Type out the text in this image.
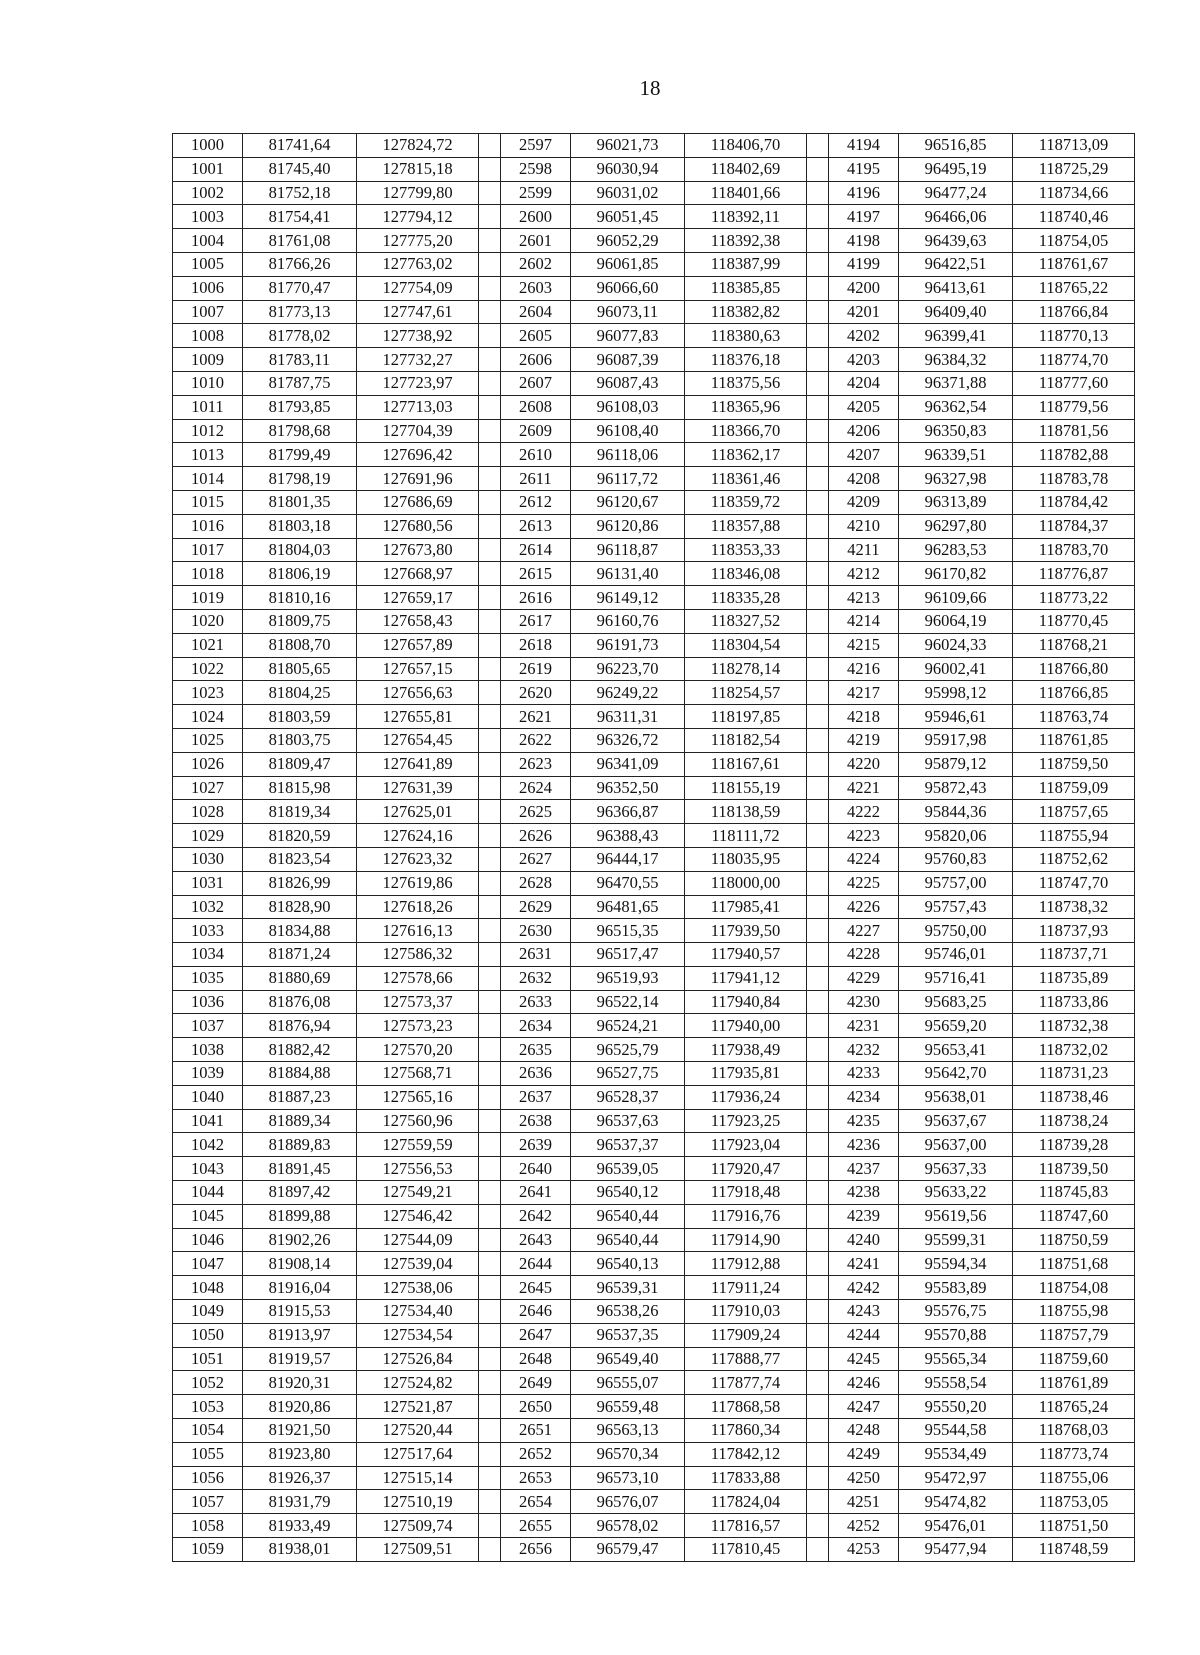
18
1000	81741,64	127824,72		2597	96021,73	118406,70		4194	96516,85	118713,09
1001	81745,40	127815,18		2598	96030,94	118402,69		4195	96495,19	118725,29
1002	81752,18	127799,80		2599	96031,02	118401,66		4196	96477,24	118734,66
1003	81754,41	127794,12		2600	96051,45	118392,11		4197	96466,06	118740,46
1004	81761,08	127775,20		2601	96052,29	118392,38		4198	96439,63	118754,05
1005	81766,26	127763,02		2602	96061,85	118387,99		4199	96422,51	118761,67
1006	81770,47	127754,09		2603	96066,60	118385,85		4200	96413,61	118765,22
1007	81773,13	127747,61		2604	96073,11	118382,82		4201	96409,40	118766,84
1008	81778,02	127738,92		2605	96077,83	118380,63		4202	96399,41	118770,13
1009	81783,11	127732,27		2606	96087,39	118376,18		4203	96384,32	118774,70
1010	81787,75	127723,97		2607	96087,43	118375,56		4204	96371,88	118777,60
1011	81793,85	127713,03		2608	96108,03	118365,96		4205	96362,54	118779,56
1012	81798,68	127704,39		2609	96108,40	118366,70		4206	96350,83	118781,56
1013	81799,49	127696,42		2610	96118,06	118362,17		4207	96339,51	118782,88
1014	81798,19	127691,96		2611	96117,72	118361,46		4208	96327,98	118783,78
1015	81801,35	127686,69		2612	96120,67	118359,72		4209	96313,89	118784,42
1016	81803,18	127680,56		2613	96120,86	118357,88		4210	96297,80	118784,37
1017	81804,03	127673,80		2614	96118,87	118353,33		4211	96283,53	118783,70
1018	81806,19	127668,97		2615	96131,40	118346,08		4212	96170,82	118776,87
1019	81810,16	127659,17		2616	96149,12	118335,28		4213	96109,66	118773,22
1020	81809,75	127658,43		2617	96160,76	118327,52		4214	96064,19	118770,45
1021	81808,70	127657,89		2618	96191,73	118304,54		4215	96024,33	118768,21
1022	81805,65	127657,15		2619	96223,70	118278,14		4216	96002,41	118766,80
1023	81804,25	127656,63		2620	96249,22	118254,57		4217	95998,12	118766,85
1024	81803,59	127655,81		2621	96311,31	118197,85		4218	95946,61	118763,74
1025	81803,75	127654,45		2622	96326,72	118182,54		4219	95917,98	118761,85
1026	81809,47	127641,89		2623	96341,09	118167,61		4220	95879,12	118759,50
1027	81815,98	127631,39		2624	96352,50	118155,19		4221	95872,43	118759,09
1028	81819,34	127625,01		2625	96366,87	118138,59		4222	95844,36	118757,65
1029	81820,59	127624,16		2626	96388,43	118111,72		4223	95820,06	118755,94
1030	81823,54	127623,32		2627	96444,17	118035,95		4224	95760,83	118752,62
1031	81826,99	127619,86		2628	96470,55	118000,00		4225	95757,00	118747,70
1032	81828,90	127618,26		2629	96481,65	117985,41		4226	95757,43	118738,32
1033	81834,88	127616,13		2630	96515,35	117939,50		4227	95750,00	118737,93
1034	81871,24	127586,32		2631	96517,47	117940,57		4228	95746,01	118737,71
1035	81880,69	127578,66		2632	96519,93	117941,12		4229	95716,41	118735,89
1036	81876,08	127573,37		2633	96522,14	117940,84		4230	95683,25	118733,86
1037	81876,94	127573,23		2634	96524,21	117940,00		4231	95659,20	118732,38
1038	81882,42	127570,20		2635	96525,79	117938,49		4232	95653,41	118732,02
1039	81884,88	127568,71		2636	96527,75	117935,81		4233	95642,70	118731,23
1040	81887,23	127565,16		2637	96528,37	117936,24		4234	95638,01	118738,46
1041	81889,34	127560,96		2638	96537,63	117923,25		4235	95637,67	118738,24
1042	81889,83	127559,59		2639	96537,37	117923,04		4236	95637,00	118739,28
1043	81891,45	127556,53		2640	96539,05	117920,47		4237	95637,33	118739,50
1044	81897,42	127549,21		2641	96540,12	117918,48		4238	95633,22	118745,83
1045	81899,88	127546,42		2642	96540,44	117916,76		4239	95619,56	118747,60
1046	81902,26	127544,09		2643	96540,44	117914,90		4240	95599,31	118750,59
1047	81908,14	127539,04		2644	96540,13	117912,88		4241	95594,34	118751,68
1048	81916,04	127538,06		2645	96539,31	117911,24		4242	95583,89	118754,08
1049	81915,53	127534,40		2646	96538,26	117910,03		4243	95576,75	118755,98
1050	81913,97	127534,54		2647	96537,35	117909,24		4244	95570,88	118757,79
1051	81919,57	127526,84		2648	96549,40	117888,77		4245	95565,34	118759,60
1052	81920,31	127524,82		2649	96555,07	117877,74		4246	95558,54	118761,89
1053	81920,86	127521,87		2650	96559,48	117868,58		4247	95550,20	118765,24
1054	81921,50	127520,44		2651	96563,13	117860,34		4248	95544,58	118768,03
1055	81923,80	127517,64		2652	96570,34	117842,12		4249	95534,49	118773,74
1056	81926,37	127515,14		2653	96573,10	117833,88		4250	95472,97	118755,06
1057	81931,79	127510,19		2654	96576,07	117824,04		4251	95474,82	118753,05
1058	81933,49	127509,74		2655	96578,02	117816,57		4252	95476,01	118751,50
1059	81938,01	127509,51		2656	96579,47	117810,45		4253	95477,94	118748,59
